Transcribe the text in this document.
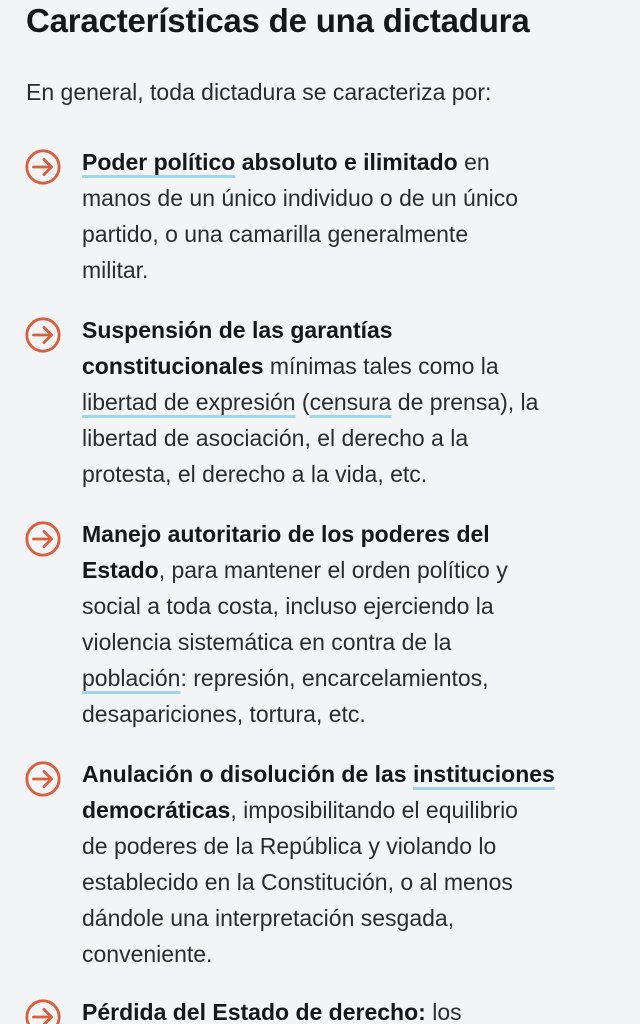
Características de una dictadura

En general, toda dictadura se caracteriza por:

Poder político absoluto e ilimitado en
manos de un único individuo o de un único
partido, o una camarilla generalmente
militar.

Suspensión de las garantías
constitucionales mínimas tales como la
libertad de expresión (censura de prensa), la
libertad de asociación, el derecho a la
protesta, el derecho a la vida, etc.

Manejo autoritario de los poderes del
Estado, para mantener el orden político y
social a toda costa, incluso ejerciendo la
violencia sistemática en contra de la
población: represión, encarcelamientos,
desapariciones, tortura, etc.

Anulación o disolución de las instituciones
democráticas, imposibilitando el equilibrio
de poderes de la República y violando lo
establecido en la Constitución, o al menos
dándole una interpretación sesgada,
conveniente.

Pérdida del Estado de derecho: los
